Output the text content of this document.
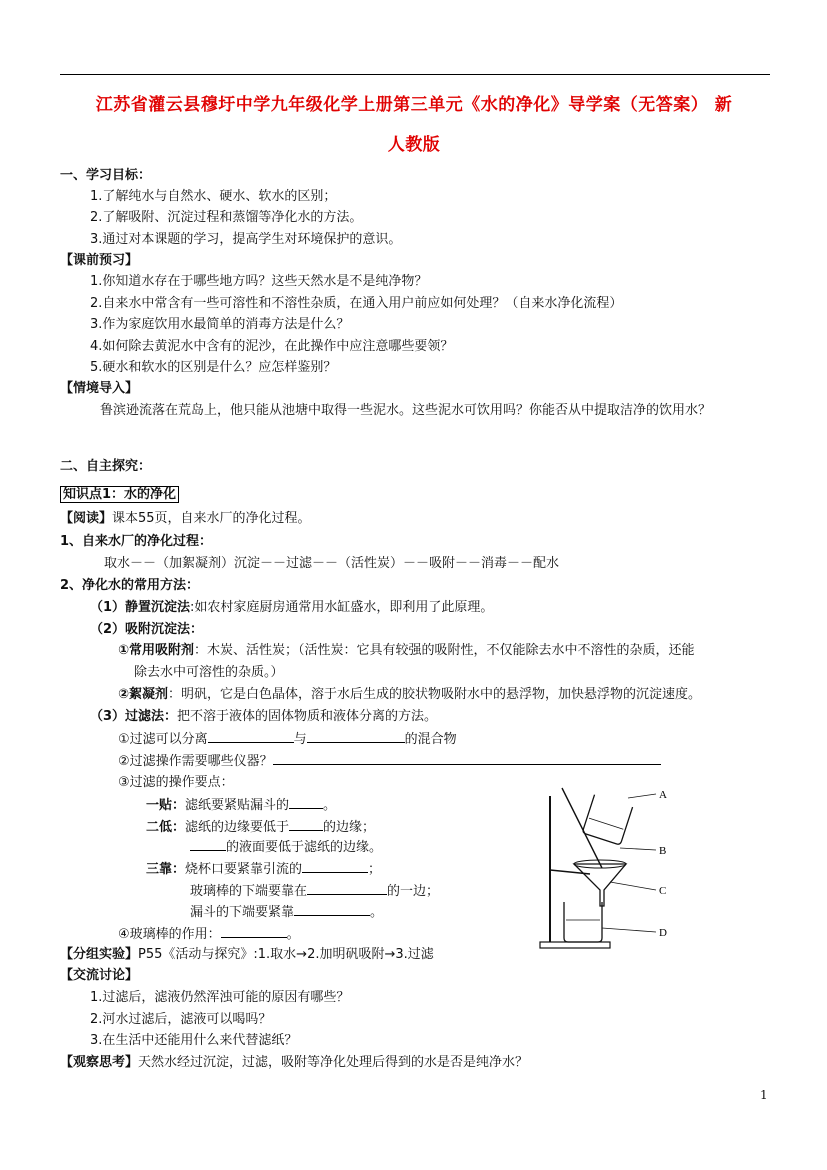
江苏省灌云县穆圩中学九年级化学上册第三单元《水的净化》导学案（无答案） 新
人教版
一、学习目标：
1.了解纯水与自然水、硬水、软水的区别；
2.了解吸附、沉淀过程和蒸馏等净化水的方法。
3.通过对本课题的学习，提高学生对环境保护的意识。
【课前预习】
1.你知道水存在于哪些地方吗？这些天然水是不是纯净物？
2.自来水中常含有一些可溶性和不溶性杂质，在通入用户前应如何处理？（自来水净化流程）
3.作为家庭饮用水最简单的消毒方法是什么？
4.如何除去黄泥水中含有的泥沙，在此操作中应注意哪些要领？
5.硬水和软水的区别是什么？应怎样鉴别？
【情境导入】
鲁滨逊流落在荒岛上，他只能从池塘中取得一些泥水。这些泥水可饮用吗？你能否从中提取洁净的饮用水？
二、自主探究：
知识点1：水的净化
【阅读】课本55页，自来水厂的净化过程。
1、自来水厂的净化过程：
取水－－（加絮凝剂）沉淀－－过滤－－（活性炭）－－吸附－－消毒－－配水
2、净化水的常用方法：
（1）静置沉淀法:如农村家庭厨房通常用水缸盛水，即利用了此原理。
（2）吸附沉淀法：
①常用吸附剂：木炭、活性炭；（活性炭：它具有较强的吸附性，不仅能除去水中不溶性的杂质，还能
除去水中可溶性的杂质。）
②絮凝剂：明矾，它是白色晶体，溶于水后生成的胶状物吸附水中的悬浮物，加快悬浮物的沉淀速度。
（3）过滤法：把不溶于液体的固体物质和液体分离的方法。
①过滤可以分离	与	的混合物
②过滤操作需要哪些仪器？
③过滤的操作要点：
一贴：滤纸要紧贴漏斗的	。
二低：滤纸的边缘要低于	的边缘；
的液面要低于滤纸的边缘。
三靠：烧杯口要紧靠引流的	；
玻璃棒的下端要靠在	的一边；
漏斗的下端要紧靠	。
④玻璃棒的作用：	。
A
B
C
D
【分组实验】P55《活动与探究》:1.取水→2.加明矾吸附→3.过滤
【交流讨论】
1.过滤后，滤液仍然浑浊可能的原因有哪些？
2.河水过滤后，滤液可以喝吗？
3.在生活中还能用什么来代替滤纸？
【观察思考】天然水经过沉淀，过滤，吸附等净化处理后得到的水是否是纯净水？
1
